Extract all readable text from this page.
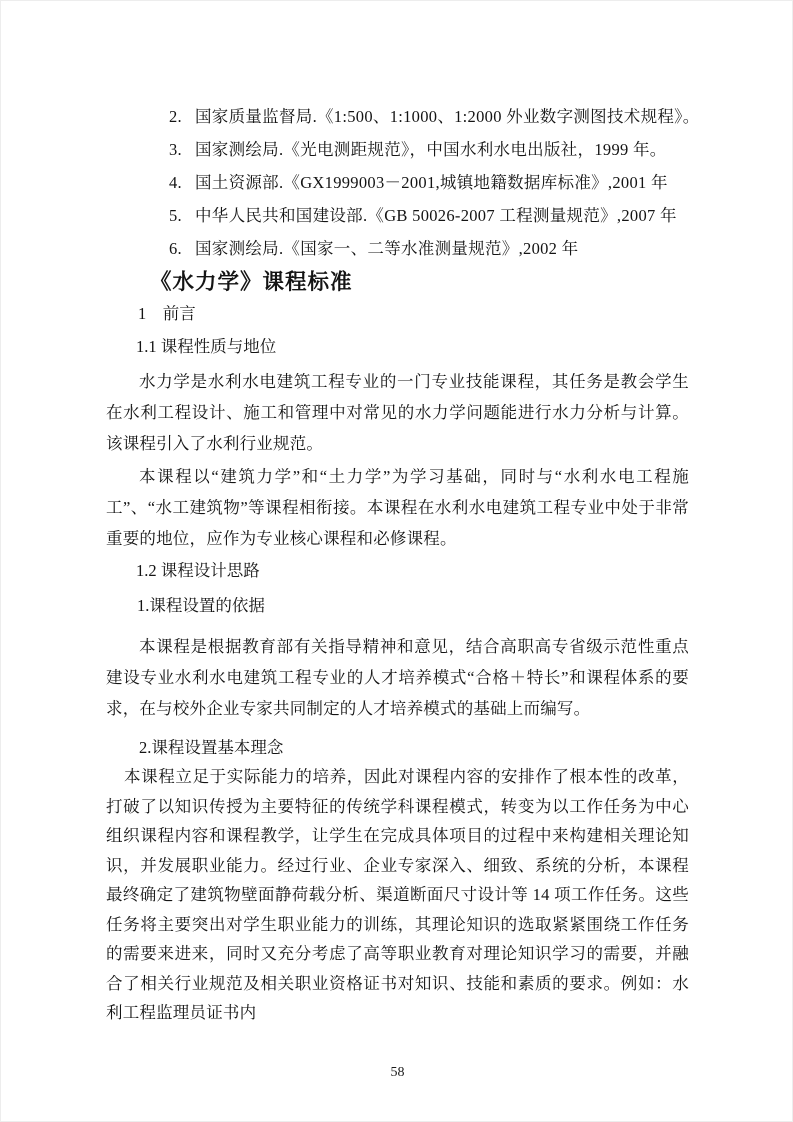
2. 国家质量监督局.《1:500、1:1000、1:2000 外业数字测图技术规程》。
3. 国家测绘局.《光电测距规范》，中国水利水电出版社，1999 年。
4. 国土资源部.《GX1999003－2001,城镇地籍数据库标准》,2001 年
5. 中华人民共和国建设部.《GB 50026-2007 工程测量规范》,2007 年
6. 国家测绘局.《国家一、二等水准测量规范》,2002 年
《水力学》课程标准
1　前言
1.1 课程性质与地位

水力学是水利水电建筑工程专业的一门专业技能课程，其任务是教会学生在水利工程设计、施工和管理中对常见的水力学问题能进行水力分析与计算。该课程引入了水利行业规范。

本课程以“建筑力学”和“土力学”为学习基础，同时与“水利水电工程施工”、“水工建筑物”等课程相衔接。本课程在水利水电建筑工程专业中处于非常重要的地位，应作为专业核心课程和必修课程。

1.2 课程设计思路
1.课程设置的依据

本课程是根据教育部有关指导精神和意见，结合高职高专省级示范性重点建设专业水利水电建筑工程专业的人才培养模式“合格＋特长”和课程体系的要求，在与校外企业专家共同制定的人才培养模式的基础上而编写。

2.课程设置基本理念

本课程立足于实际能力的培养，因此对课程内容的安排作了根本性的改革，打破了以知识传授为主要特征的传统学科课程模式，转变为以工作任务为中心组织课程内容和课程教学，让学生在完成具体项目的过程中来构建相关理论知识，并发展职业能力。经过行业、企业专家深入、细致、系统的分析，本课程最终确定了建筑物壁面静荷载分析、渠道断面尺寸设计等 14 项工作任务。这些任务将主要突出对学生职业能力的训练，其理论知识的选取紧紧围绕工作任务的需要来进来，同时又充分考虑了高等职业教育对理论知识学习的需要，并融合了相关行业规范及相关职业资格证书对知识、技能和素质的要求。例如：水利工程监理员证书内

58
